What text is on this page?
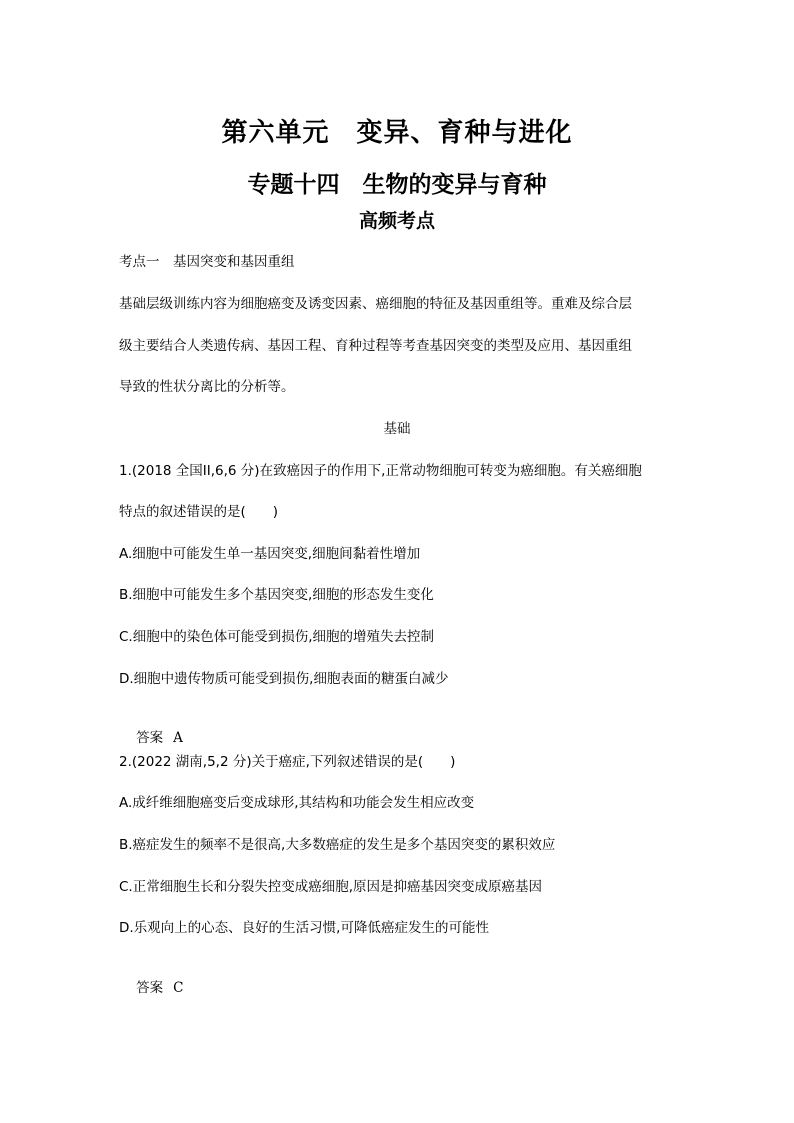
第六单元　变异、育种与进化
专题十四　生物的变异与育种
高频考点
考点一　基因突变和基因重组
基础层级训练内容为细胞癌变及诱变因素、癌细胞的特征及基因重组等。重难及综合层
级主要结合人类遗传病、基因工程、育种过程等考查基因突变的类型及应用、基因重组
导致的性状分离比的分析等。
基础
1.(2018 全国II,6,6 分)在致癌因子的作用下,正常动物细胞可转变为癌细胞。有关癌细胞
特点的叙述错误的是(　　)
A.细胞中可能发生单一基因突变,细胞间黏着性增加
B.细胞中可能发生多个基因突变,细胞的形态发生变化
C.细胞中的染色体可能受到损伤,细胞的增殖失去控制
D.细胞中遗传物质可能受到损伤,细胞表面的糖蛋白减少

答案 A

2.(2022 湖南,5,2 分)关于癌症,下列叙述错误的是(　　)
A.成纤维细胞癌变后变成球形,其结构和功能会发生相应改变
B.癌症发生的频率不是很高,大多数癌症的发生是多个基因突变的累积效应
C.正常细胞生长和分裂失控变成癌细胞,原因是抑癌基因突变成原癌基因
D.乐观向上的心态、良好的生活习惯,可降低癌症发生的可能性

答案 C
